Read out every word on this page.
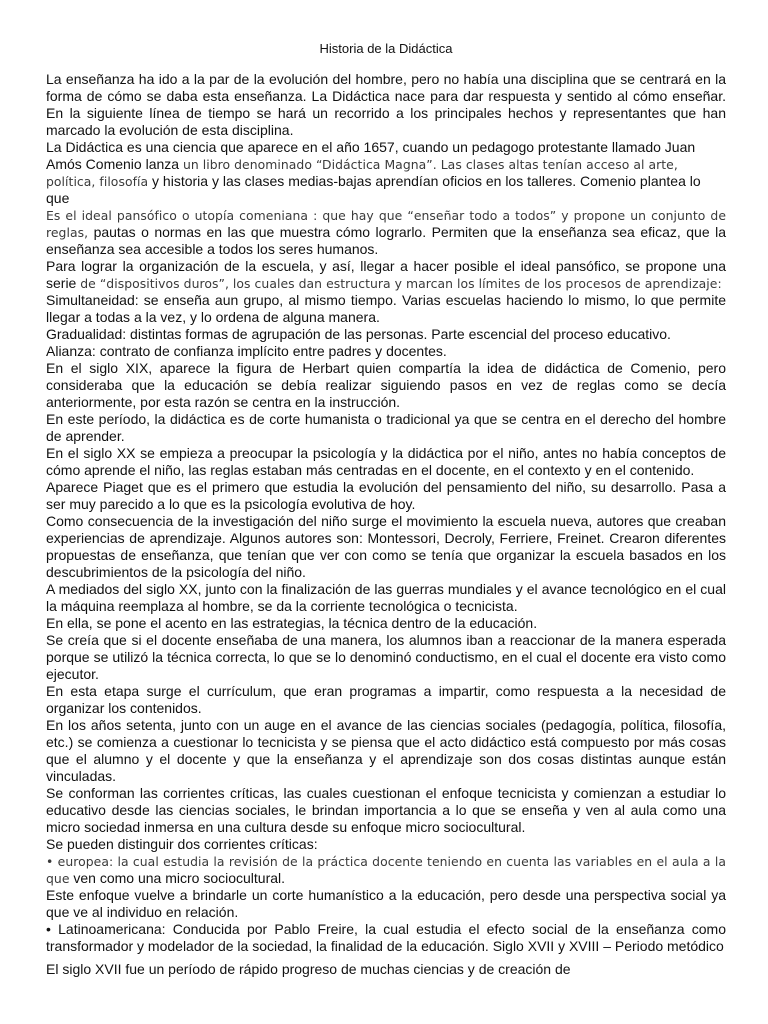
Historia de la Didáctica

La enseñanza ha ido a la par de la evolución del hombre, pero no había una disciplina que se centrará en la forma de cómo se daba esta enseñanza. La Didáctica nace para dar respuesta y sentido al cómo enseñar. En la siguiente línea de tiempo se hará un recorrido a los principales hechos y representantes que han marcado la evolución de esta disciplina.

La Didáctica es una ciencia que aparece en el año 1657, cuando un pedagogo protestante llamado Juan Amós Comenio lanza un libro denominado “Didáctica Magna”. Las clases altas tenían acceso al arte, política, filosofía y historia y las clases medias-bajas aprendían oficios en los talleres. Comenio plantea lo que

Es el ideal pansófico o utopía comeniana : que hay que “enseñar todo a todos” y propone un conjunto de reglas, pautas o normas en las que muestra cómo lograrlo. Permiten que la enseñanza sea eficaz, que la enseñanza sea accesible a todos los seres humanos.

Para lograr la organización de la escuela, y así, llegar a hacer posible el ideal pansófico, se propone una serie de “dispositivos duros”, los cuales dan estructura y marcan los límites de los procesos de aprendizaje:

Simultaneidad: se enseña aun grupo, al mismo tiempo. Varias escuelas haciendo lo mismo, lo que permite llegar a todas a la vez, y lo ordena de alguna manera.

Gradualidad: distintas formas de agrupación de las personas. Parte escencial del proceso educativo.

Alianza: contrato de confianza implícito entre padres y docentes.

En el siglo XIX, aparece la figura de Herbart quien compartía la idea de didáctica de Comenio, pero consideraba que la educación se debía realizar siguiendo pasos en vez de reglas como se decía anteriormente, por esta razón se centra en la instrucción.

En este período, la didáctica es de corte humanista o tradicional ya que se centra en el derecho del hombre de aprender.

En el siglo XX se empieza a preocupar la psicología y la didáctica por el niño, antes no había conceptos de cómo aprende el niño, las reglas estaban más centradas en el docente, en el contexto y en el contenido.

Aparece Piaget que es el primero que estudia la evolución del pensamiento del niño, su desarrollo. Pasa a ser muy parecido a lo que es la psicología evolutiva de hoy.

Como consecuencia de la investigación del niño surge el movimiento la escuela nueva, autores que creaban experiencias de aprendizaje. Algunos autores son: Montessori, Decroly, Ferriere, Freinet. Crearon diferentes propuestas de enseñanza, que tenían que ver con como se tenía que organizar la escuela basados en los descubrimientos de la psicología del niño.

A mediados del siglo XX, junto con la finalización de las guerras mundiales y el avance tecnológico en el cual la máquina reemplaza al hombre, se da la corriente tecnológica o tecnicista.

En ella, se pone el acento en las estrategias, la técnica dentro de la educación.

Se creía que si el docente enseñaba de una manera, los alumnos iban a reaccionar de la manera esperada porque se utilizó la técnica correcta, lo que se lo denominó conductismo, en el cual el docente era visto como ejecutor.

En esta etapa surge el currículum, que eran programas a impartir, como respuesta a la necesidad de organizar los contenidos.

En los años setenta, junto con un auge en el avance de las ciencias sociales (pedagogía, política, filosofía, etc.) se comienza a cuestionar lo tecnicista y se piensa que el acto didáctico está compuesto por más cosas que el alumno y el docente y que la enseñanza y el aprendizaje son dos cosas distintas aunque están vinculadas.

Se conforman las corrientes críticas, las cuales cuestionan el enfoque tecnicista y comienzan a estudiar lo educativo desde las ciencias sociales, le brindan importancia a lo que se enseña y ven al aula como una micro sociedad inmersa en una cultura desde su enfoque micro sociocultural.

Se pueden distinguir dos corrientes críticas:

• europea: la cual estudia la revisión de la práctica docente teniendo en cuenta las variables en el aula a la que ven como una micro sociocultural.

Este enfoque vuelve a brindarle un corte humanístico a la educación, pero desde una perspectiva social ya que ve al individuo en relación.

• Latinoamericana: Conducida por Pablo Freire, la cual estudia el efecto social de la enseñanza como transformador y modelador de la sociedad, la finalidad de la educación. Siglo XVII y XVIII – Periodo metódico

El siglo XVII fue un período de rápido progreso de muchas ciencias y de creación de
